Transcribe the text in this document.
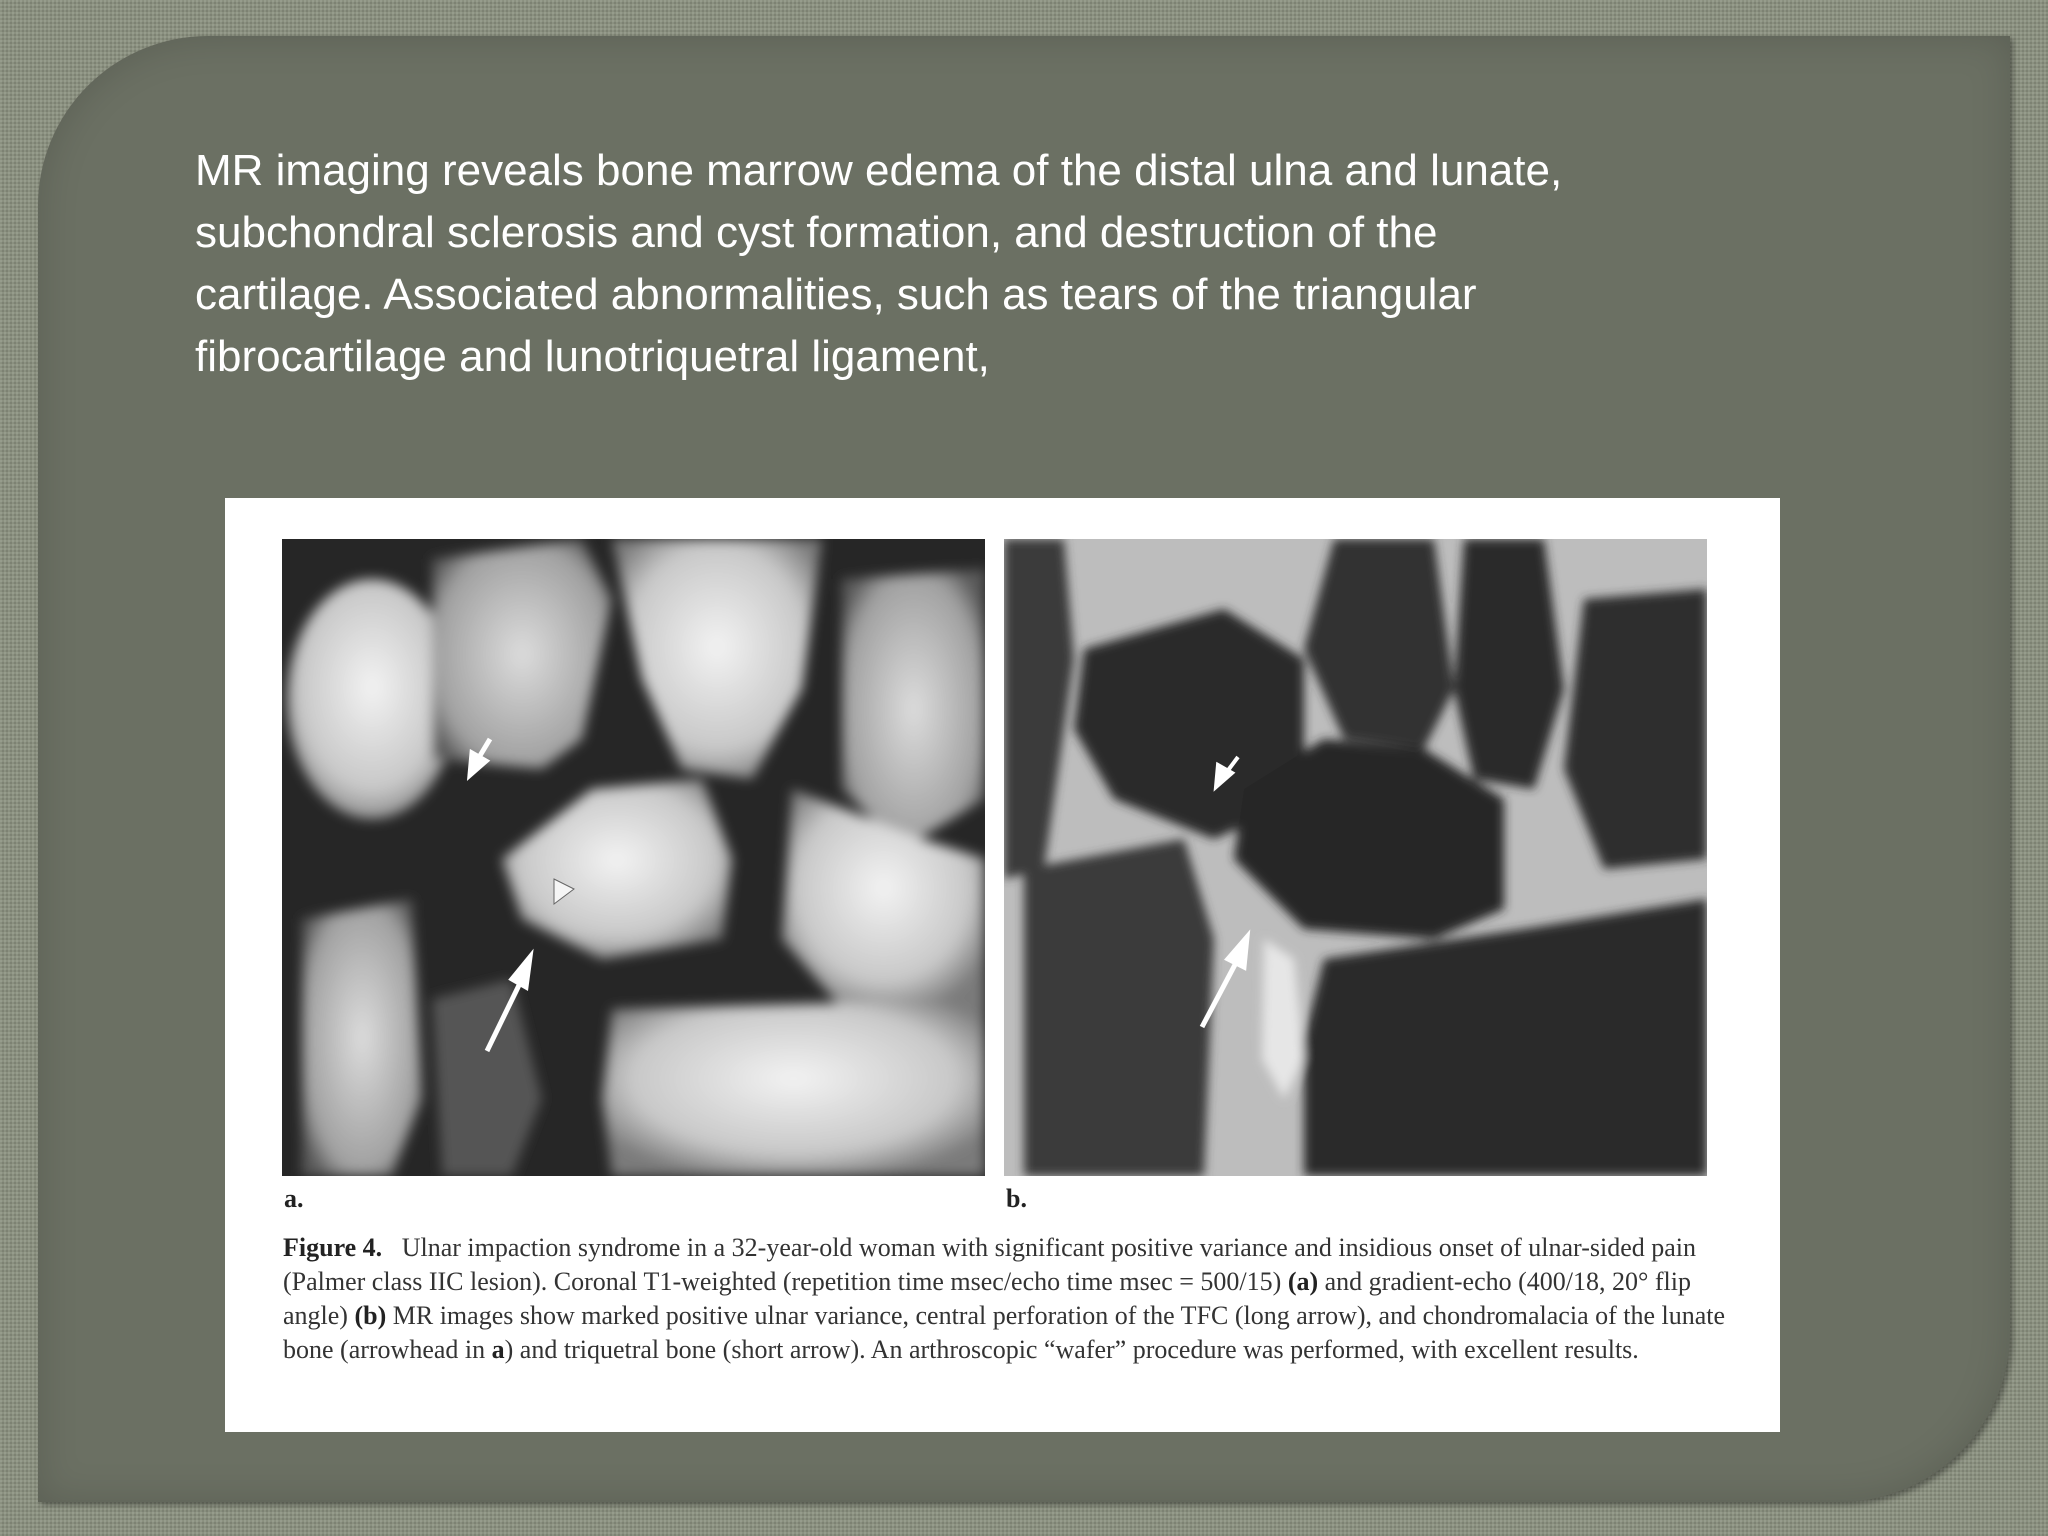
MR imaging reveals bone marrow edema of the distal ulna and lunate, subchondral sclerosis and cyst formation, and destruction of the cartilage. Associated abnormalities, such as tears of the triangular fibrocartilage and lunotriquetral ligament,

a.	b.

Figure 4. Ulnar impaction syndrome in a 32-year-old woman with significant positive variance and insidious onset of ulnar-sided pain (Palmer class IIC lesion). Coronal T1-weighted (repetition time msec/echo time msec = 500/15) (a) and gradient-echo (400/18, 20° flip angle) (b) MR images show marked positive ulnar variance, central perforation of the TFC (long arrow), and chondromalacia of the lunate bone (arrowhead in a) and triquetral bone (short arrow). An arthroscopic “wafer” procedure was performed, with excellent results.
